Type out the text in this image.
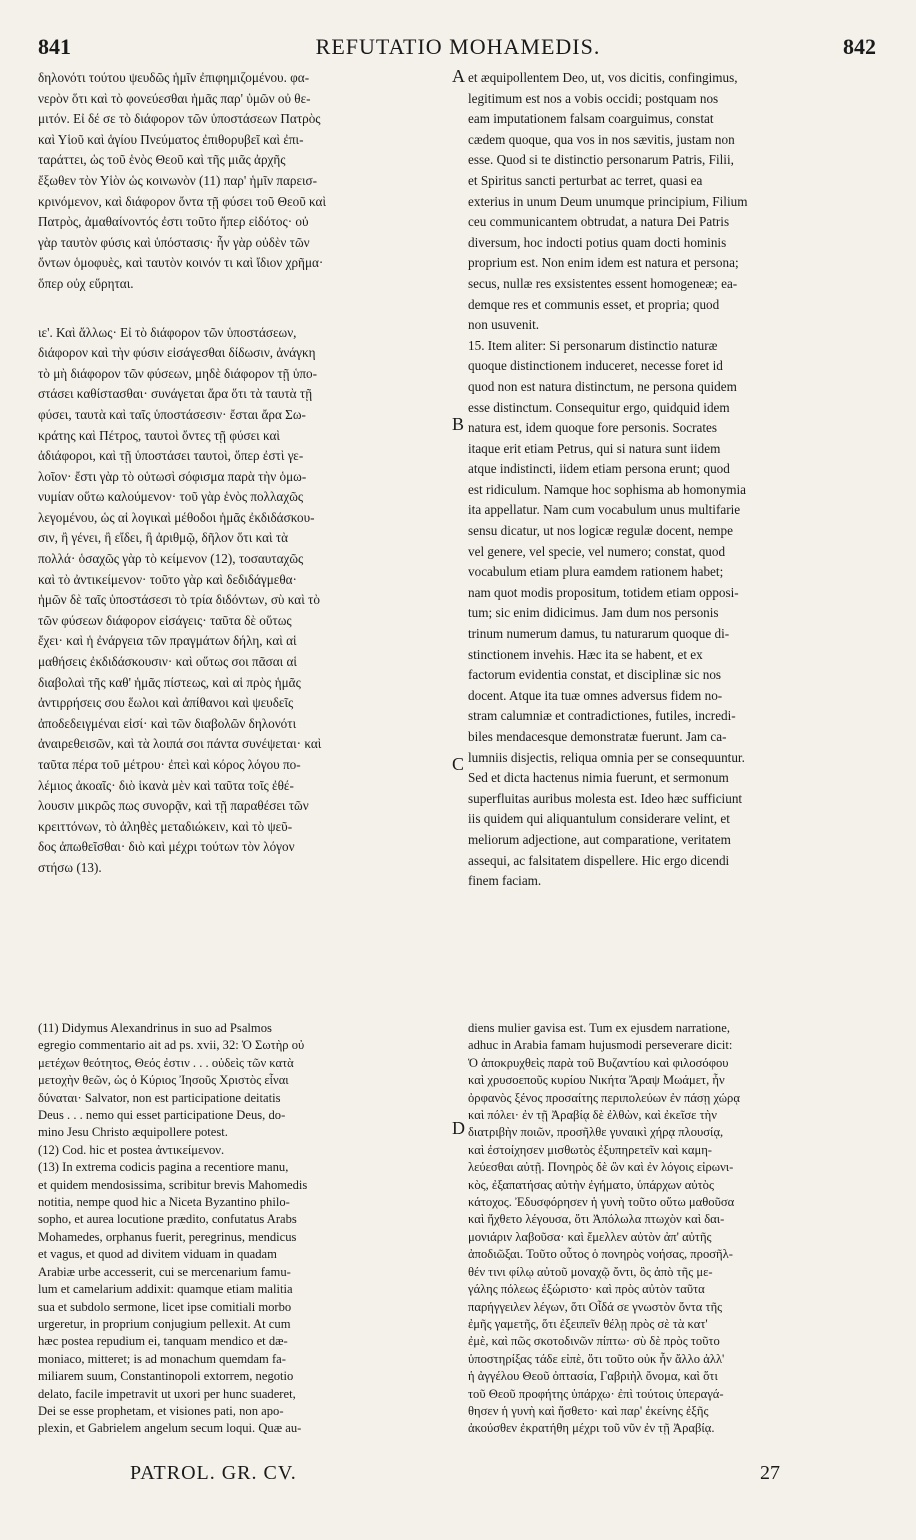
841	REFUTATIO MOHAMEDIS.	842
δηλονότι τούτου ψευδῶς ἡμῖν ἐπιφημιζομένου. φα-
νερὸν ὅτι καὶ τὸ φονεύεσθαι ἡμᾶς παρ' ὑμῶν οὐ θε-
μιτόν. Εἰ δέ σε τὸ διάφορον τῶν ὑποστάσεων Πατρὸς
καὶ Υἱοῦ καὶ ἁγίου Πνεύματος ἐπιθορυβεῖ καὶ ἐπι-
ταράττει, ὡς τοῦ ἑνὸς Θεοῦ καὶ τῆς μιᾶς ἀρχῆς
ἔξωθεν τὸν Υἱὸν ὡς κοινωνὸν (11) παρ' ἡμῖν παρεισ-
κρινόμενον, καὶ διάφορον ὄντα τῇ φύσει τοῦ Θεοῦ καὶ
Πατρὸς, ἀμαθαίνοντός ἐστι τοῦτο ἤπερ εἰδότος· οὐ
γὰρ ταυτὸν φύσις καὶ ὑπόστασις· ἦν γὰρ οὐδὲν τῶν
ὄντων ὁμοφυὲς, καὶ ταυτὸν κοινόν τι καὶ ἴδιον χρῆμα·
ὅπερ οὐχ εὕρηται.
ιε'. Καὶ ἄλλως· Εἰ τὸ διάφορον τῶν ὑποστάσεων,
διάφορον καὶ τὴν φύσιν εἰσάγεσθαι δίδωσιν, ἀνάγκη
τὸ μὴ διάφορον τῶν φύσεων, μηδὲ διάφορον τῇ ὑπο-
στάσει καθίστασθαι· συνάγεται ἄρα ὅτι τὰ ταυτὰ τῇ
φύσει, ταυτὰ καὶ ταῖς ὑποστάσεσιν· ἔσται ἄρα Σω-
κράτης καὶ Πέτρος, ταυτοὶ ὄντες τῇ φύσει καὶ
ἀδιάφοροι, καὶ τῇ ὑποστάσει ταυτοὶ, ὅπερ ἐστὶ γε-
λοῖον· ἔστι γὰρ τὸ οὑτωσὶ σόφισμα παρὰ τὴν ὁμω-
νυμίαν οὕτω καλούμενον· τοῦ γὰρ ἑνὸς πολλαχῶς
λεγομένου, ὡς αἱ λογικαὶ μέθοδοι ἡμᾶς ἐκδιδάσκου-
σιν, ἢ γένει, ἢ εἴδει, ἢ ἀριθμῷ, δῆλον ὅτι καὶ τὰ
πολλά· ὁσαχῶς γὰρ τὸ κείμενον (12), τοσαυταχῶς
καὶ τὸ ἀντικείμενον· τοῦτο γὰρ καὶ δεδιδάγμεθα·
ἡμῶν δὲ ταῖς ὑποστάσεσι τὸ τρία διδόντων, σὺ καὶ τὸ
τῶν φύσεων διάφορον εἰσάγεις· ταῦτα δὲ οὕτως
ἔχει· καὶ ἡ ἐνάργεια τῶν πραγμάτων δήλη, καὶ αἱ
μαθήσεις ἐκδιδάσκουσιν· καὶ οὕτως σοι πᾶσαι αἱ
διαβολαὶ τῆς καθ' ἡμᾶς πίστεως, καὶ αἱ πρὸς ἡμᾶς
ἀντιρρήσεις σου ἕωλοι καὶ ἀπίθανοι καὶ ψευδεῖς
ἀποδεδειγμέναι εἰσί· καὶ τῶν διαβολῶν δηλονότι
ἀναιρεθεισῶν, καὶ τὰ λοιπά σοι πάντα συνέψεται· καὶ
ταῦτα πέρα τοῦ μέτρου· ἐπεὶ καὶ κόρος λόγου πο-
λέμιος ἀκοαῖς· διὸ ἱκανὰ μὲν καὶ ταῦτα τοῖς ἐθέ-
λουσιν μικρῶς πως συνορᾷν, καὶ τῇ παραθέσει τῶν
κρειττόνων, τὸ ἀληθὲς μεταδιώκειν, καὶ τὸ ψεῦ-
δος ἀπωθεῖσθαι· διὸ καὶ μέχρι τούτων τὸν λόγον
στήσω (13).
et æquipollentem Deo, ut, vos dicitis, confingimus,
legitimum est nos a vobis occidi; postquam nos
eam imputationem falsam coarguimus, constat
cædem quoque, qua vos in nos sævitis, justam non
esse. Quod si te distinctio personarum Patris, Filii,
et Spiritus sancti perturbat ac terret, quasi ea
exterius in unum Deum unumque principium, Filium
ceu communicantem obtrudat, a natura Dei Patris
diversum, hoc indocti potius quam docti hominis
proprium est. Non enim idem est natura et persona;
secus, nullæ res exsistentes essent homogeneæ; ea-
demque res et communis esset, et propria; quod
non usuvenit.
15. Item aliter: Si personarum distinctio naturæ
quoque distinctionem induceret, necesse foret id
quod non est natura distinctum, ne persona quidem
esse distinctum. Consequitur ergo, quidquid idem
natura est, idem quoque fore personis. Socrates
itaque erit etiam Petrus, qui si natura sunt iidem
atque indistincti, iidem etiam persona erunt; quod
est ridiculum. Namque hoc sophisma ab homonymia
ita appellatur. Nam cum vocabulum unus multifarie
sensu dicatur, ut nos logicæ regulæ docent, nempe
vel genere, vel specie, vel numero; constat, quod
vocabulum etiam plura eamdem rationem habet;
nam quot modis propositum, totidem etiam opposi-
tum; sic enim didicimus. Jam dum nos personis
trinum numerum damus, tu naturarum quoque di-
stinctionem invehis. Hæc ita se habent, et ex
factorum evidentia constat, et disciplinæ sic nos
docent. Atque ita tuæ omnes adversus fidem no-
stram calumniæ et contradictiones, futiles, incredi-
biles mendacesque demonstratæ fuerunt. Jam ca-
lumniis disjectis, reliqua omnia per se consequuntur.
Sed et dicta hactenus nimia fuerunt, et sermonum
superfluitas auribus molesta est. Ideo hæc sufficiunt
iis quidem qui aliquantulum considerare velint, et
meliorum adjectione, aut comparatione, veritatem
assequi, ac falsitatem dispellere. Hic ergo dicendi
finem faciam.
A
B
C
D
(11) Didymus Alexandrinus in suo ad Psalmos
egregio commentario ait ad ps. xvii, 32: Ὁ Σωτὴρ οὐ
μετέχων θεότητος, Θεός ἐστιν . . . οὐδεὶς τῶν κατὰ
μετοχὴν θεῶν, ὡς ὁ Κύριος Ἰησοῦς Χριστὸς εἶναι
δύναται· Salvator, non est participatione deitatis
Deus . . . nemo qui esset participatione Deus, do-
mino Jesu Christo æquipollere potest.
(12) Cod. hic et postea ἀντικείμενον.
(13) In extrema codicis pagina a recentiore manu,
et quidem mendosissima, scribitur brevis Mahomedis
notitia, nempe quod hic a Niceta Byzantino philo-
sopho, et aurea locutione prædito, confutatus Arabs
Mohamedes, orphanus fuerit, peregrinus, mendicus
et vagus, et quod ad divitem viduam in quadam
Arabiæ urbe accesserit, cui se mercenarium famu-
lum et camelarium addixit: quamque etiam malitia
sua et subdolo sermone, licet ipse comitiali morbo
urgeretur, in proprium conjugium pellexit. At cum
hæc postea repudium ei, tanquam mendico et dæ-
moniaco, mitteret; is ad monachum quemdam fa-
miliarem suum, Constantinopoli extorrem, negotio
delato, facile impetravit ut uxori per hunc suaderet,
Dei se esse prophetam, et visiones pati, non apo-
plexin, et Gabrielem angelum secum loqui. Quæ au-
diens mulier gavisa est. Tum ex ejusdem narratione,
adhuc in Arabia famam hujusmodi perseverare dicit:
Ὁ ἀποκρυχθεὶς παρὰ τοῦ Βυζαντίου καὶ φιλοσόφου
καὶ χρυσοεποῦς κυρίου Νικήτα Ἄραψ Μωάμετ, ἦν
ὀρφανὸς ξένος προσαίτης περιπολεύων ἐν πάσῃ χώρᾳ
καὶ πόλει· ἐν τῇ Ἀραβίᾳ δὲ ἐλθὼν, καὶ ἐκεῖσε τὴν
διατριβὴν ποιῶν, προσῆλθε γυναικὶ χήρᾳ πλουσίᾳ,
καὶ ἐστοίχησεν μισθωτὸς ἐξυπηρετεῖν καὶ καμη-
λεύεσθαι αὐτῇ. Πονηρὸς δὲ ὢν καὶ ἐν λόγοις εἰρωνι-
κὸς, ἐξαπατήσας αὐτὴν ἐγήματο, ὑπάρχων αὐτὸς
κάτοχος. Ἐδυσφόρησεν ἡ γυνὴ τοῦτο οὕτω μαθοῦσα
καὶ ἤχθετο λέγουσα, ὅτι Ἀπόλωλα πτωχὸν καὶ δαι-
μονιάριν λαβοῦσα· καὶ ἔμελλεν αὐτὸν ἀπ' αὐτῆς
ἀποδιῶξαι. Τοῦτο οὗτος ὁ πονηρὸς νοήσας, προσῆλ-
θέν τινι φίλῳ αὐτοῦ μοναχῷ ὄντι, ὃς ἀπὸ τῆς με-
γάλης πόλεως ἐξώριστο· καὶ πρὸς αὐτὸν ταῦτα
παρήγγειλεν λέγων, ὅτι Οἶδά σε γνωστὸν ὄντα τῆς
ἐμῆς γαμετῆς, ὅτι ἐξειπεῖν θέλῃ πρὸς σὲ τὰ κατ'
ἐμὲ, καὶ πῶς σκοτοδινῶν πίπτω· σὺ δὲ πρὸς τοῦτο
ὑποστηρίξας τάδε εἰπὲ, ὅτι τοῦτο οὐκ ἦν ἄλλο ἀλλ'
ἡ ἀγγέλου Θεοῦ ὀπτασία, Γαβριὴλ ὄνομα, καὶ ὅτι
τοῦ Θεοῦ προφήτης ὑπάρχω· ἐπὶ τούτοις ὑπεραγά-
θησεν ἡ γυνὴ καὶ ἥσθετο· καὶ παρ' ἐκείνης ἐξῆς
ἀκούσθεν ἐκρατήθη μέχρι τοῦ νῦν ἐν τῇ Ἀραβίᾳ.
PATROL. GR. CV.	27
